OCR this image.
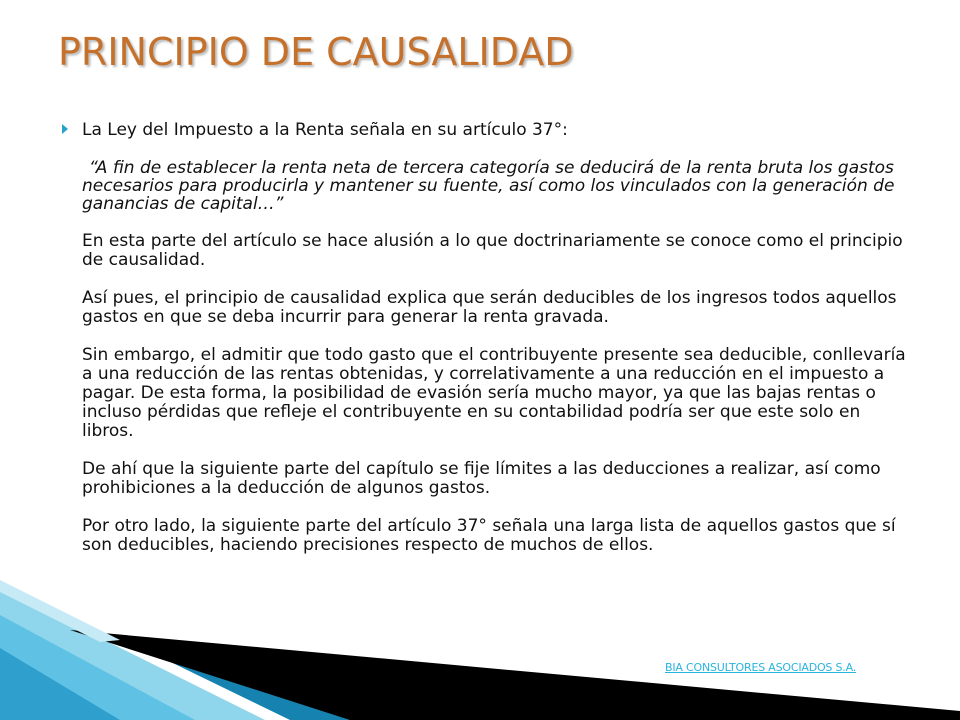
PRINCIPIO DE CAUSALIDAD

La Ley del Impuesto a la Renta señala en su artículo 37°:

“A fin de establecer la renta neta de tercera categoría se deducirá de la renta bruta los gastos necesarios para producirla y mantener su fuente, así como los vinculados con la generación de ganancias de capital…”

En esta parte del artículo se hace alusión a lo que doctrinariamente se conoce como el principio de causalidad.

Así pues, el principio de causalidad explica que serán deducibles de los ingresos todos aquellos gastos en que se deba incurrir para generar la renta gravada.

Sin embargo, el admitir que todo gasto que el contribuyente presente sea deducible, conllevaría a una reducción de las rentas obtenidas, y correlativamente a una reducción en el impuesto a pagar. De esta forma, la posibilidad de evasión sería mucho mayor, ya que las bajas rentas o incluso pérdidas que refleje el contribuyente en su contabilidad podría ser que este solo en libros.

De ahí que la siguiente parte del capítulo se fije límites a las deducciones a realizar, así como prohibiciones a la deducción de algunos gastos.

Por otro lado, la siguiente parte del artículo 37° señala una larga lista de aquellos gastos que sí son deducibles, haciendo precisiones respecto de muchos de ellos.

BIA CONSULTORES ASOCIADOS S.A.
